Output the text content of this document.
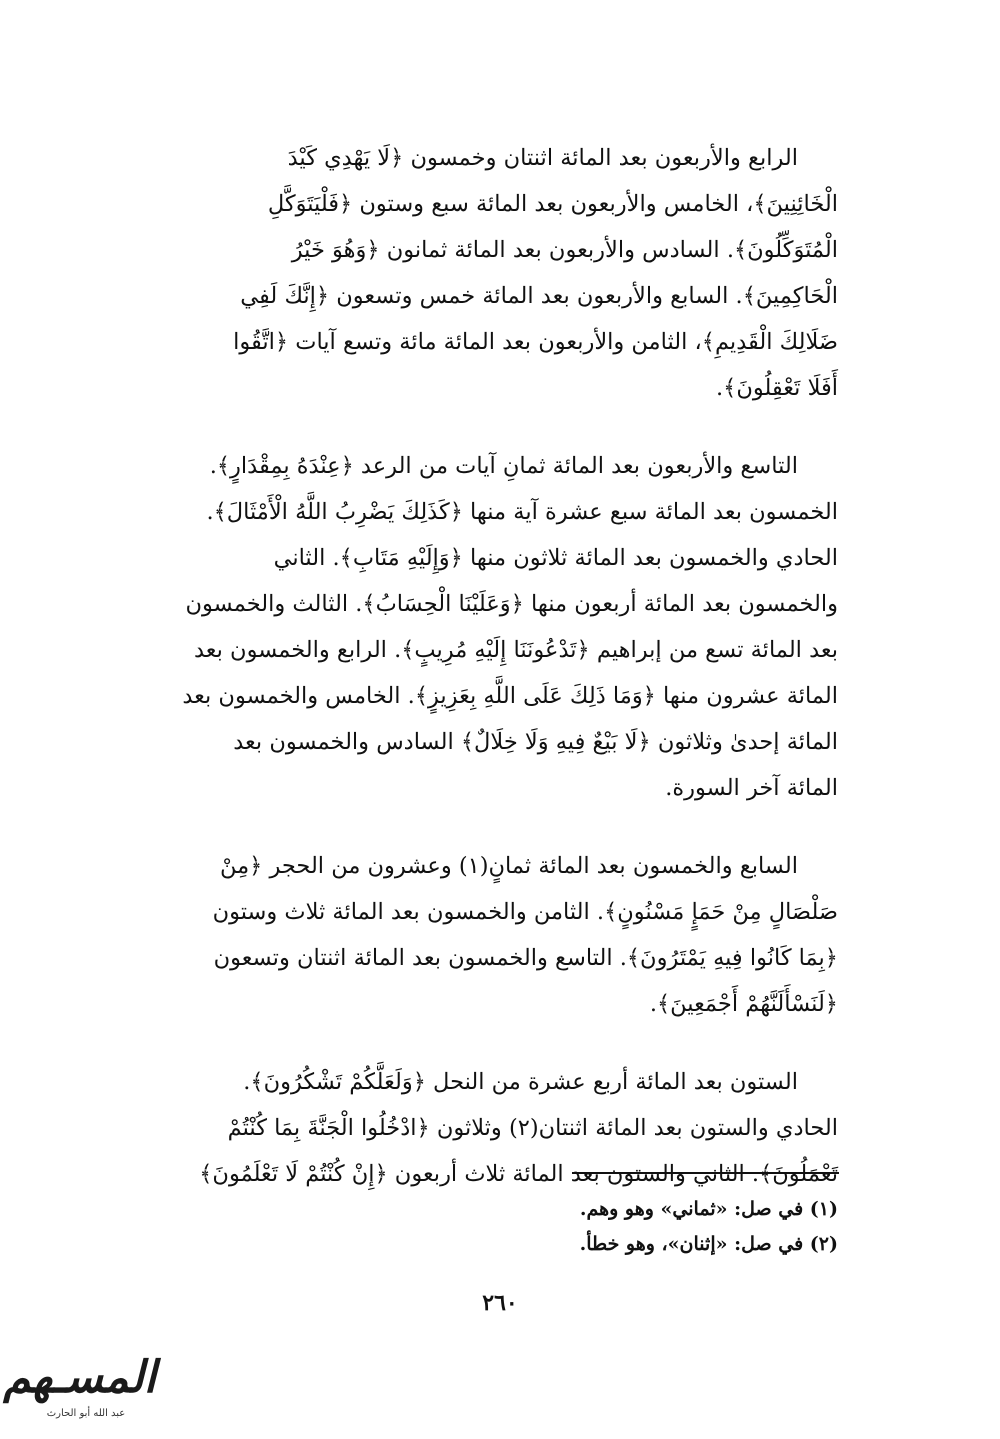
الرابع والأربعون بعد المائة اثنتان وخمسون ﴿لَا يَهْدِي كَيْدَ
الْخَائِنِينَ﴾، الخامس والأربعون بعد المائة سبع وستون ﴿فَلْيَتَوَكَّلِ
الْمُتَوَكِّلُونَ﴾. السادس والأربعون بعد المائة ثمانون ﴿وَهُوَ خَيْرُ
الْحَاكِمِينَ﴾. السابع والأربعون بعد المائة خمس وتسعون ﴿إِنَّكَ لَفِي
ضَلَالِكَ الْقَدِيمِ﴾، الثامن والأربعون بعد المائة مائة وتسع آيات ﴿اتَّقُوا
أَفَلَا تَعْقِلُونَ﴾.

التاسع والأربعون بعد المائة ثمانِ آيات من الرعد ﴿عِنْدَهُ بِمِقْدَارٍ﴾.
الخمسون بعد المائة سبع عشرة آية منها ﴿كَذَلِكَ يَضْرِبُ اللَّهُ الْأَمْثَالَ﴾.
الحادي والخمسون بعد المائة ثلاثون منها ﴿وَإِلَيْهِ مَتَابِ﴾. الثاني
والخمسون بعد المائة أربعون منها ﴿وَعَلَيْنَا الْحِسَابُ﴾. الثالث والخمسون
بعد المائة تسع من إبراهيم ﴿تَدْعُونَنَا إِلَيْهِ مُرِيبٍ﴾. الرابع والخمسون بعد
المائة عشرون منها ﴿وَمَا ذَلِكَ عَلَى اللَّهِ بِعَزِيزٍ﴾. الخامس والخمسون بعد
المائة إحدىٰ وثلاثون ﴿لَا بَيْعٌ فِيهِ وَلَا خِلَالٌ﴾ السادس والخمسون بعد
المائة آخر السورة.

السابع والخمسون بعد المائة ثمانٍ(١) وعشرون من الحجر ﴿مِنْ
صَلْصَالٍ مِنْ حَمَإٍ مَسْنُونٍ﴾. الثامن والخمسون بعد المائة ثلاث وستون
﴿بِمَا كَانُوا فِيهِ يَمْتَرُونَ﴾. التاسع والخمسون بعد المائة اثنتان وتسعون
﴿لَنَسْأَلَنَّهُمْ أَجْمَعِينَ﴾.

الستون بعد المائة أربع عشرة من النحل ﴿وَلَعَلَّكُمْ تَشْكُرُونَ﴾.
الحادي والستون بعد المائة اثنتان(٢) وثلاثون ﴿ادْخُلُوا الْجَنَّةَ بِمَا كُنْتُمْ
تَعْمَلُونَ﴾. الثاني والستون بعد المائة ثلاث أربعون ﴿إِنْ كُنْتُمْ لَا تَعْلَمُونَ﴾

(١) في صل: «ثماني» وهو وهم.
(٢) في صل: «إثنان»، وهو خطأ.
٢٦٠
المسـهم
عبد الله أبو الحارث
